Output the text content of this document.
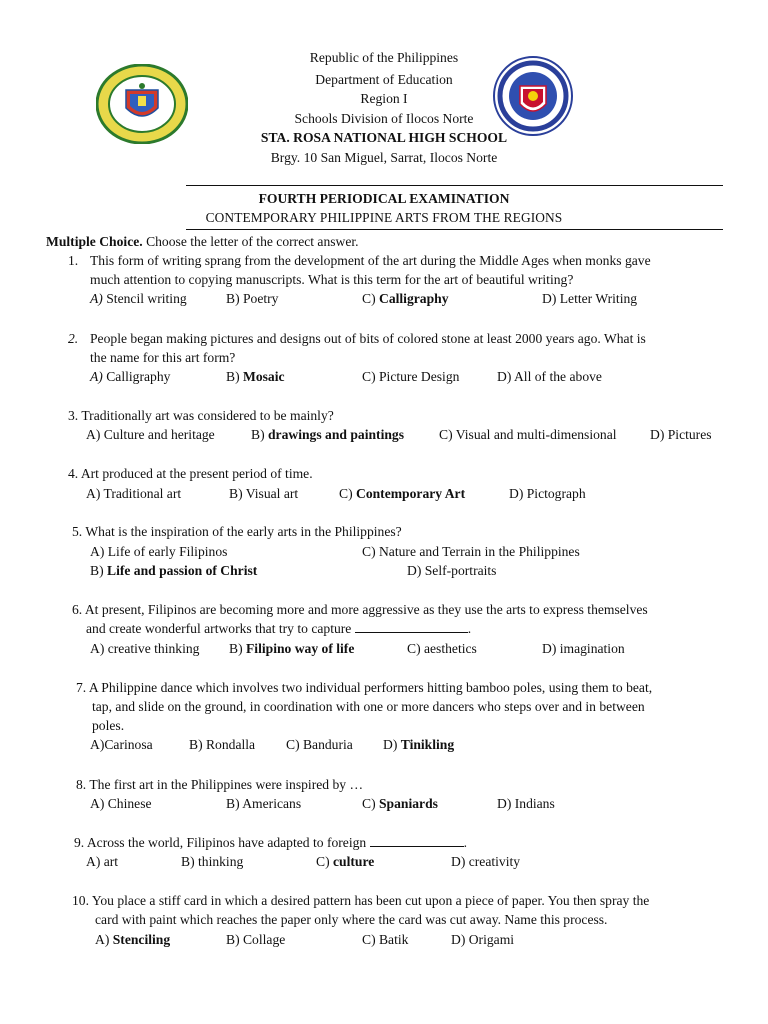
Republic of the Philippines
Department of Education
Region I
Schools Division of Ilocos Norte
STA. ROSA NATIONAL HIGH SCHOOL
Brgy. 10 San Miguel, Sarrat, Ilocos Norte
FOURTH PERIODICAL EXAMINATION
CONTEMPORARY PHILIPPINE ARTS FROM THE REGIONS
Multiple Choice. Choose the letter of the correct answer.
1. This form of writing sprang from the development of the art during the Middle Ages when monks gave
much attention to copying manuscripts. What is this term for the art of beautiful writing?
A) Stencil writing	B) Poetry	C) Calligraphy	D) Letter Writing
2. People began making pictures and designs out of bits of colored stone at least 2000 years ago. What is
the name for this art form?
A) Calligraphy	B) Mosaic	C) Picture Design	D) All of the above
3. Traditionally art was considered to be mainly?
A) Culture and heritage	B) drawings and paintings	C) Visual and multi-dimensional D) Pictures
4. Art produced at the present period of time.
A) Traditional art	B) Visual art	C) Contemporary Art	D) Pictograph
5. What is the inspiration of the early arts in the Philippines?
A) Life of early Filipinos	C) Nature and Terrain in the Philippines
B) Life and passion of Christ	D) Self-portraits
6. At present, Filipinos are becoming more and more aggressive as they use the arts to express themselves
and create wonderful artworks that try to capture	.
A) creative thinking B) Filipino way of life	C) aesthetics	D) imagination
7. A Philippine dance which involves two individual performers hitting bamboo poles, using them to beat,
tap, and slide on the ground, in coordination with one or more dancers who steps over and in between
poles.
A)Carinosa	B) Rondalla C) Banduria D) Tinikling
8. The first art in the Philippines were inspired by …
A) Chinese	B) Americans	C) Spaniards	D) Indians
9. Across the world, Filipinos have adapted to foreign	.
A) art	B) thinking	C) culture	D) creativity
10. You place a stiff card in which a desired pattern has been cut upon a piece of paper. You then spray the
card with paint which reaches the paper only where the card was cut away. Name this process.
A) Stenciling	B) Collage	C) Batik	D) Origami
